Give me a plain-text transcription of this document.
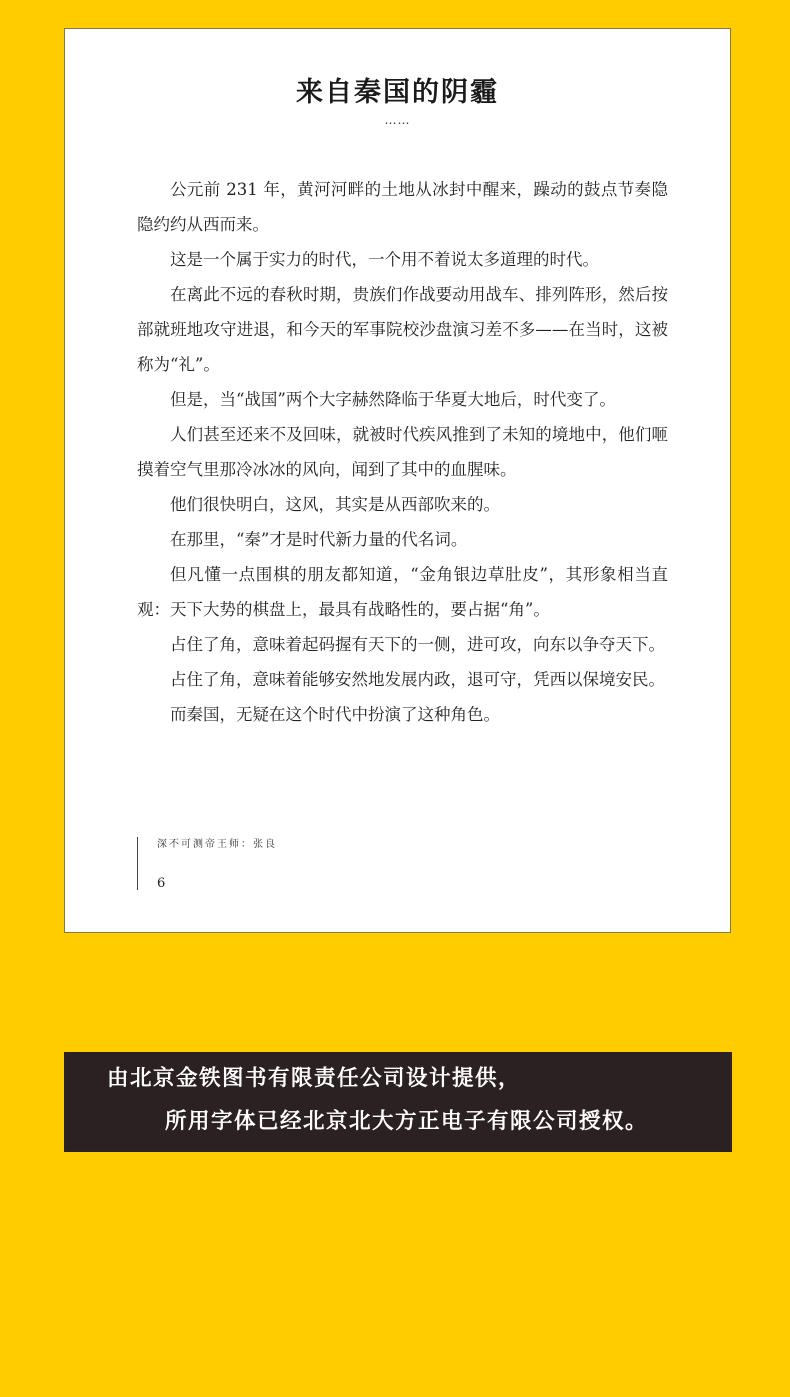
来自秦国的阴霾
……

公元前 231 年，黄河河畔的土地从冰封中醒来，躁动的鼓点节奏隐隐约约从西而来。

这是一个属于实力的时代，一个用不着说太多道理的时代。

在离此不远的春秋时期，贵族们作战要动用战车、排列阵形，然后按部就班地攻守进退，和今天的军事院校沙盘演习差不多——在当时，这被称为“礼”。

但是，当“战国”两个大字赫然降临于华夏大地后，时代变了。

人们甚至还来不及回味，就被时代疾风推到了未知的境地中，他们咂摸着空气里那冷冰冰的风向，闻到了其中的血腥味。

他们很快明白，这风，其实是从西部吹来的。

在那里，“秦”才是时代新力量的代名词。

但凡懂一点围棋的朋友都知道，“金角银边草肚皮”，其形象相当直观：天下大势的棋盘上，最具有战略性的，要占据“角”。

占住了角，意味着起码握有天下的一侧，进可攻，向东以争夺天下。

占住了角，意味着能够安然地发展内政，退可守，凭西以保境安民。

而秦国，无疑在这个时代中扮演了这种角色。

深不可测帝王师：张良
6
由北京金铁图书有限责任公司设计提供，
所用字体已经北京北大方正电子有限公司授权。
